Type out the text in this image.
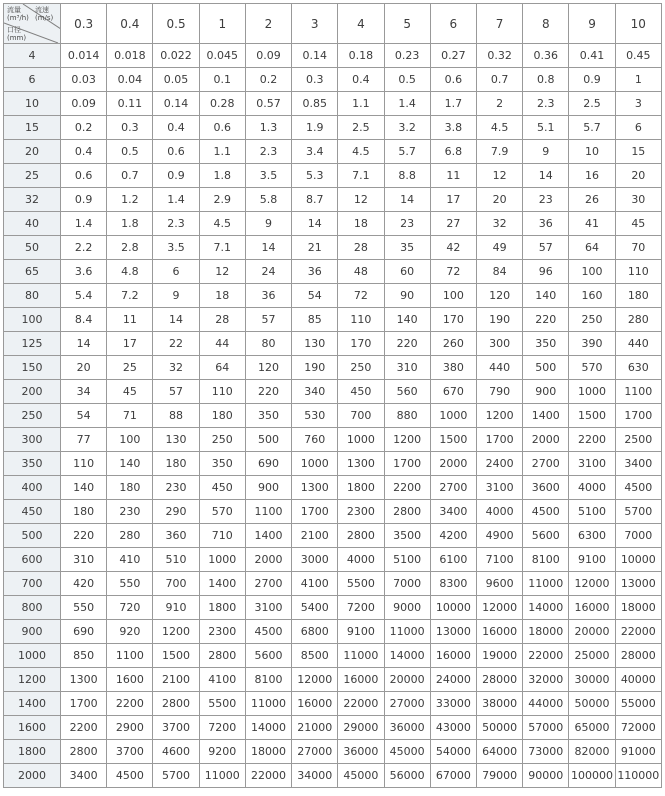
流量
(m³/h)
流速
(m/s)
口径
(mm)
	0.3	0.4	0.5	1	2	3	4	5	6	7	8	9	10
4	0.014	0.018	0.022	0.045	0.09	0.14	0.18	0.23	0.27	0.32	0.36	0.41	0.45
6	0.03	0.04	0.05	0.1	0.2	0.3	0.4	0.5	0.6	0.7	0.8	0.9	1
10	0.09	0.11	0.14	0.28	0.57	0.85	1.1	1.4	1.7	2	2.3	2.5	3
15	0.2	0.3	0.4	0.6	1.3	1.9	2.5	3.2	3.8	4.5	5.1	5.7	6
20	0.4	0.5	0.6	1.1	2.3	3.4	4.5	5.7	6.8	7.9	9	10	15
25	0.6	0.7	0.9	1.8	3.5	5.3	7.1	8.8	11	12	14	16	20
32	0.9	1.2	1.4	2.9	5.8	8.7	12	14	17	20	23	26	30
40	1.4	1.8	2.3	4.5	9	14	18	23	27	32	36	41	45
50	2.2	2.8	3.5	7.1	14	21	28	35	42	49	57	64	70
65	3.6	4.8	6	12	24	36	48	60	72	84	96	100	110
80	5.4	7.2	9	18	36	54	72	90	100	120	140	160	180
100	8.4	11	14	28	57	85	110	140	170	190	220	250	280
125	14	17	22	44	80	130	170	220	260	300	350	390	440
150	20	25	32	64	120	190	250	310	380	440	500	570	630
200	34	45	57	110	220	340	450	560	670	790	900	1000	1100
250	54	71	88	180	350	530	700	880	1000	1200	1400	1500	1700
300	77	100	130	250	500	760	1000	1200	1500	1700	2000	2200	2500
350	110	140	180	350	690	1000	1300	1700	2000	2400	2700	3100	3400
400	140	180	230	450	900	1300	1800	2200	2700	3100	3600	4000	4500
450	180	230	290	570	1100	1700	2300	2800	3400	4000	4500	5100	5700
500	220	280	360	710	1400	2100	2800	3500	4200	4900	5600	6300	7000
600	310	410	510	1000	2000	3000	4000	5100	6100	7100	8100	9100	10000
700	420	550	700	1400	2700	4100	5500	7000	8300	9600	11000	12000	13000
800	550	720	910	1800	3100	5400	7200	9000	10000	12000	14000	16000	18000
900	690	920	1200	2300	4500	6800	9100	11000	13000	16000	18000	20000	22000
1000	850	1100	1500	2800	5600	8500	11000	14000	16000	19000	22000	25000	28000
1200	1300	1600	2100	4100	8100	12000	16000	20000	24000	28000	32000	30000	40000
1400	1700	2200	2800	5500	11000	16000	22000	27000	33000	38000	44000	50000	55000
1600	2200	2900	3700	7200	14000	21000	29000	36000	43000	50000	57000	65000	72000
1800	2800	3700	4600	9200	18000	27000	36000	45000	54000	64000	73000	82000	91000
2000	3400	4500	5700	11000	22000	34000	45000	56000	67000	79000	90000	100000	110000
